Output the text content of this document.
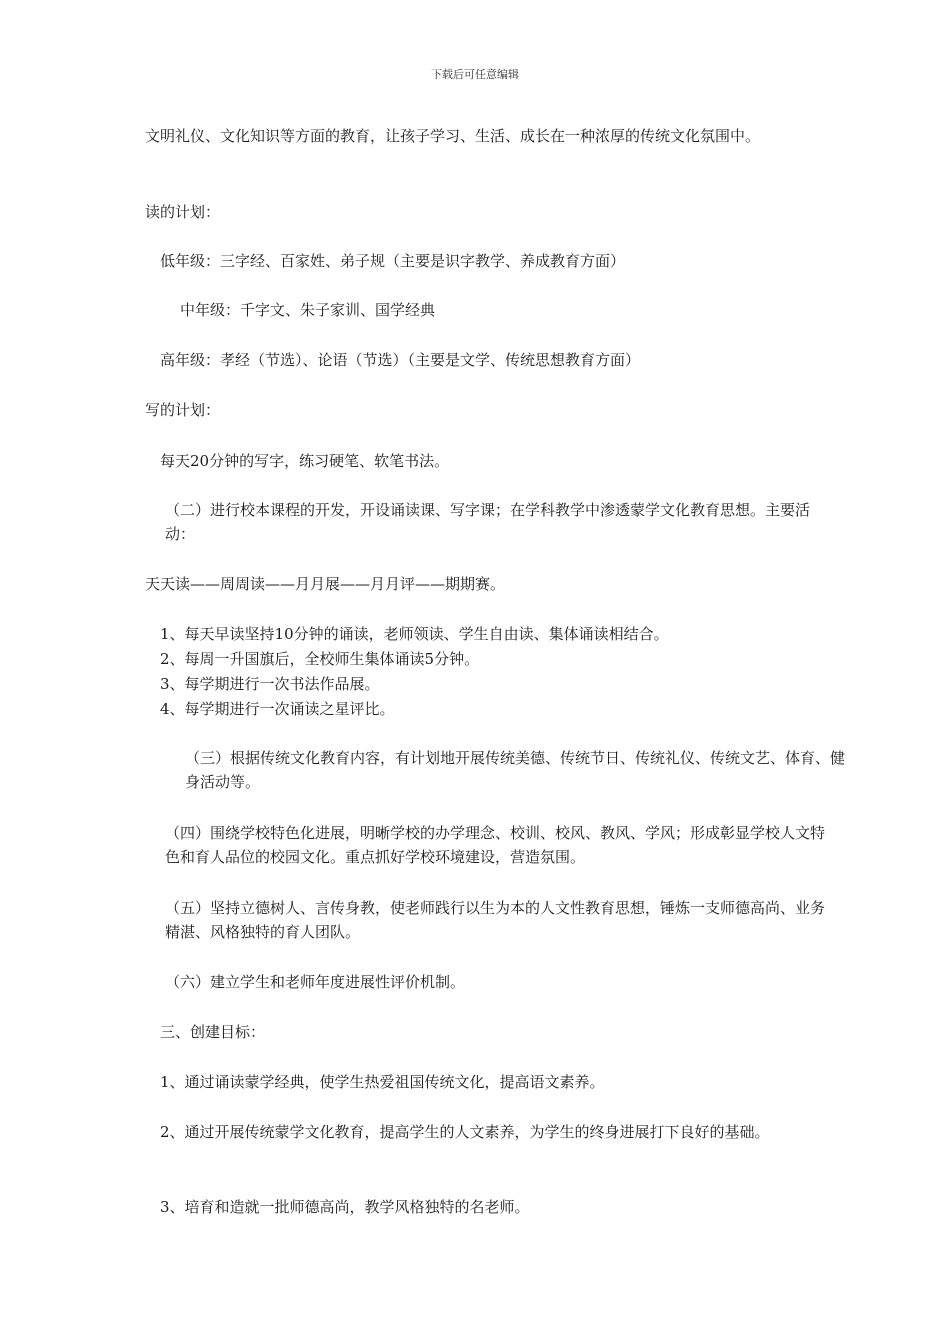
下载后可任意编辑

文明礼仪、文化知识等方面的教育，让孩子学习、生活、成长在一种浓厚的传统文化氛围中。

读的计划：

低年级：三字经、百家姓、弟子规（主要是识字教学、养成教育方面）

中年级：千字文、朱子家训、国学经典

高年级：孝经（节选）、论语（节选）（主要是文学、传统思想教育方面）

写的计划：

每天20分钟的写字，练习硬笔、软笔书法。

（二）进行校本课程的开发，开设诵读课、写字课；在学科教学中渗透蒙学文化教育思想。主要活动：

天天读——周周读——月月展——月月评——期期赛。

1、每天早读坚持10分钟的诵读，老师领读、学生自由读、集体诵读相结合。

2、每周一升国旗后，全校师生集体诵读5分钟。

3、每学期进行一次书法作品展。

4、每学期进行一次诵读之星评比。

（三）根据传统文化教育内容，有计划地开展传统美德、传统节日、传统礼仪、传统文艺、体育、健身活动等。

（四）围绕学校特色化进展，明晰学校的办学理念、校训、校风、教风、学风；形成彰显学校人文特色和育人品位的校园文化。重点抓好学校环境建设，营造氛围。

（五）坚持立德树人、言传身教，使老师践行以生为本的人文性教育思想，锤炼一支师德高尚、业务精湛、风格独特的育人团队。

（六）建立学生和老师年度进展性评价机制。

三、创建目标：

1、通过诵读蒙学经典，使学生热爱祖国传统文化，提高语文素养。

2、通过开展传统蒙学文化教育，提高学生的人文素养，为学生的终身进展打下良好的基础。

3、培育和造就一批师德高尚，教学风格独特的名老师。
